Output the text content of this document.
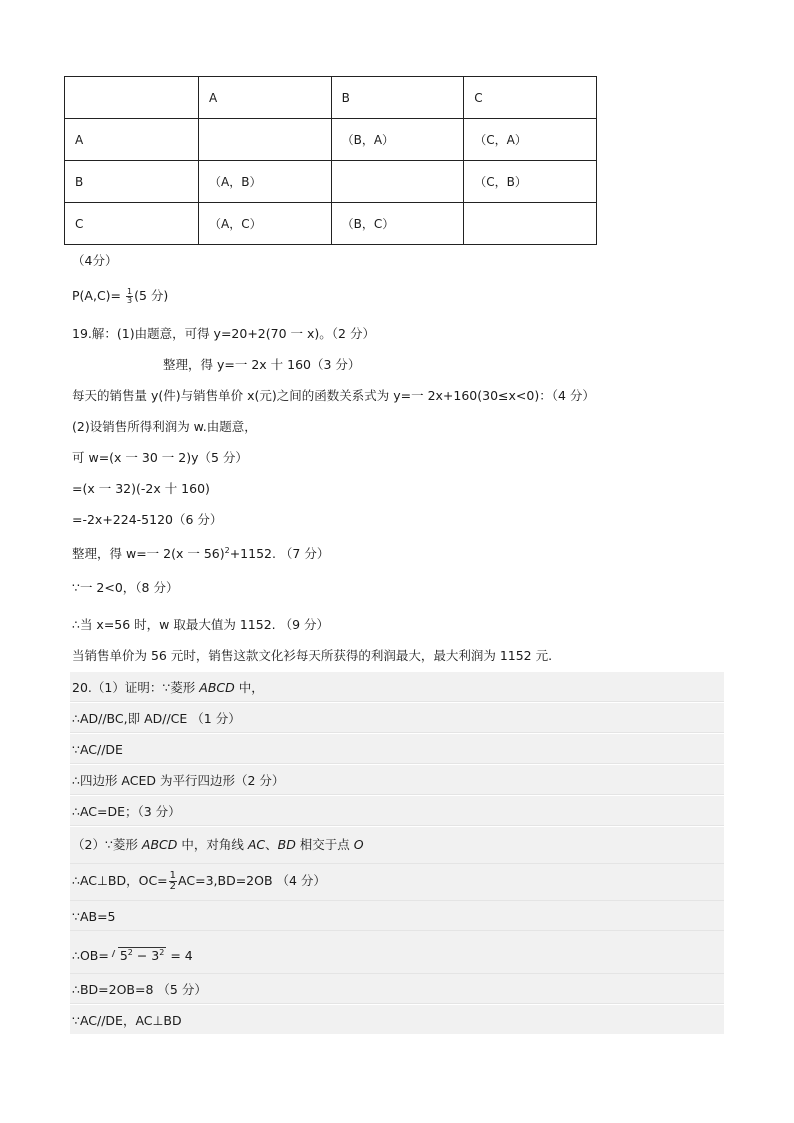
	A	B	C
A		（B，A）	（C，A）
B	（A，B）		（C，B）
C	（A，C）	（B，C）	
（4分）
$P(A,C)= \frac{1}{3} (5$ 分)
19.解：(1)由题意，可得 y=20+2(70 一 x)。（2 分）
整理，得 y=一 2x 十 160（3 分）
每天的销售量 y(件)与销售单价 x(元)之间的函数关系式为 y=一 2x+160(30≤x<0)：（4 分）
(2)设销售所得利润为 w.由题意，
可 w=(x 一 30 一 2)y（5 分）
=(x 一 32)(-2x 十 160)
=-2x+224-5120（6 分）
整理，得 w=一 2(x 一 56)$^2$+1152. （7 分）
∵一 2<0，（8 分）
∴当 x=56 时，w 取最大值为 1152. （9 分）
当销售单价为 56 元时，销售这款文化衫每天所获得的利润最大，最大利润为 1152 元.
20.（1）证明：∵菱形 ABCD 中，
∴AD//BC,即 AD//CE （1 分）
∵AC//DE
∴四边形 ACED 为平行四边形（2 分）
∴AC=DE；（3 分）
（2）∵菱形 ABCD 中，对角线 AC、BD 相交于点 O
∴AC⊥BD，$OC= \frac{1}{2} AC=3,BD=2OB$ （4 分）
∵AB=5
∴OB= $5^2 - 3^2 = 4$
∴BD=2OB=8 （5 分）
∵AC//DE，AC⊥BD
